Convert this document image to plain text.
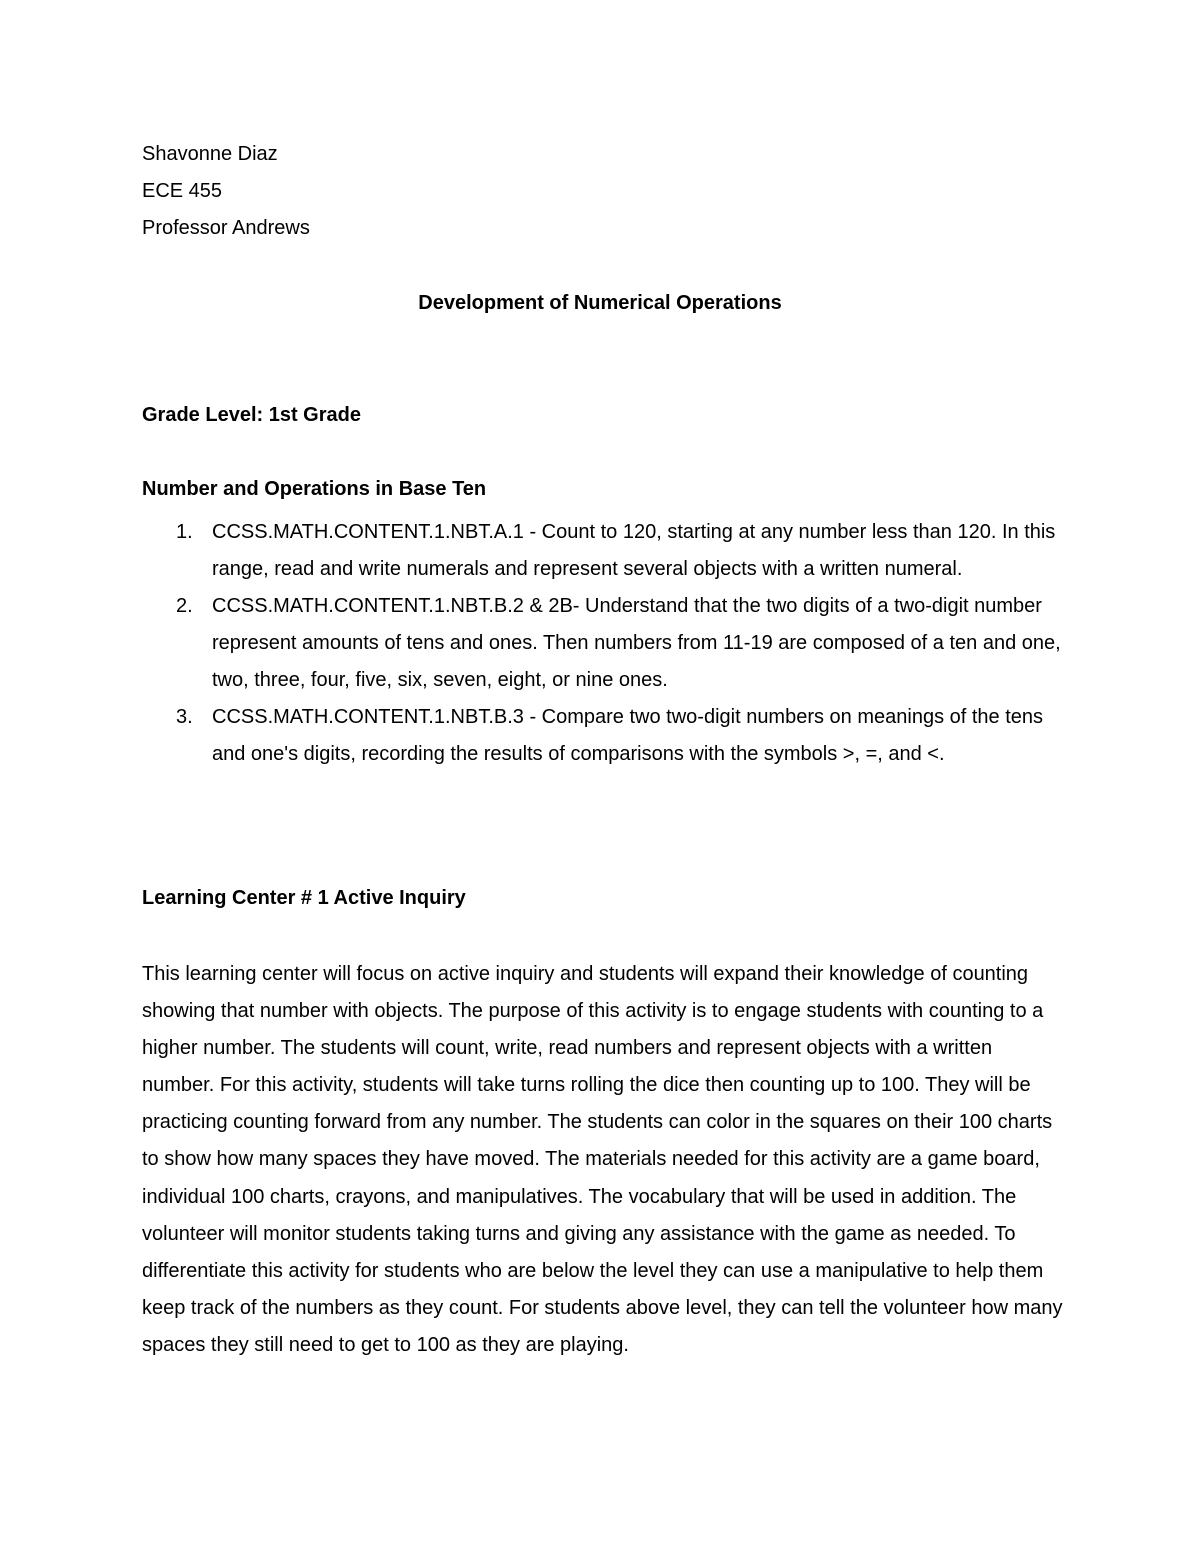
Shavonne Diaz

ECE 455

Professor Andrews

Development of Numerical Operations

Grade Level: 1st Grade

Number and Operations in Base Ten

1. CCSS.MATH.CONTENT.1.NBT.A.1 - Count to 120, starting at any number less than 120. In this range, read and write numerals and represent several objects with a written numeral.
2. CCSS.MATH.CONTENT.1.NBT.B.2 & 2B- Understand that the two digits of a two-digit number represent amounts of tens and ones. Then numbers from 11-19 are composed of a ten and one, two, three, four, five, six, seven, eight, or nine ones.
3. CCSS.MATH.CONTENT.1.NBT.B.3 - Compare two two-digit numbers on meanings of the tens and one's digits, recording the results of comparisons with the symbols >, =, and <.

Learning Center # 1 Active Inquiry

This learning center will focus on active inquiry and students will expand their knowledge of counting showing that number with objects. The purpose of this activity is to engage students with counting to a higher number. The students will count, write, read numbers and represent objects with a written number. For this activity, students will take turns rolling the dice then counting up to 100. They will be practicing counting forward from any number. The students can color in the squares on their 100 charts to show how many spaces they have moved. The materials needed for this activity are a game board, individual 100 charts, crayons, and manipulatives. The vocabulary that will be used in addition. The volunteer will monitor students taking turns and giving any assistance with the game as needed. To differentiate this activity for students who are below the level they can use a manipulative to help them keep track of the numbers as they count. For students above level, they can tell the volunteer how many spaces they still need to get to 100 as they are playing.
